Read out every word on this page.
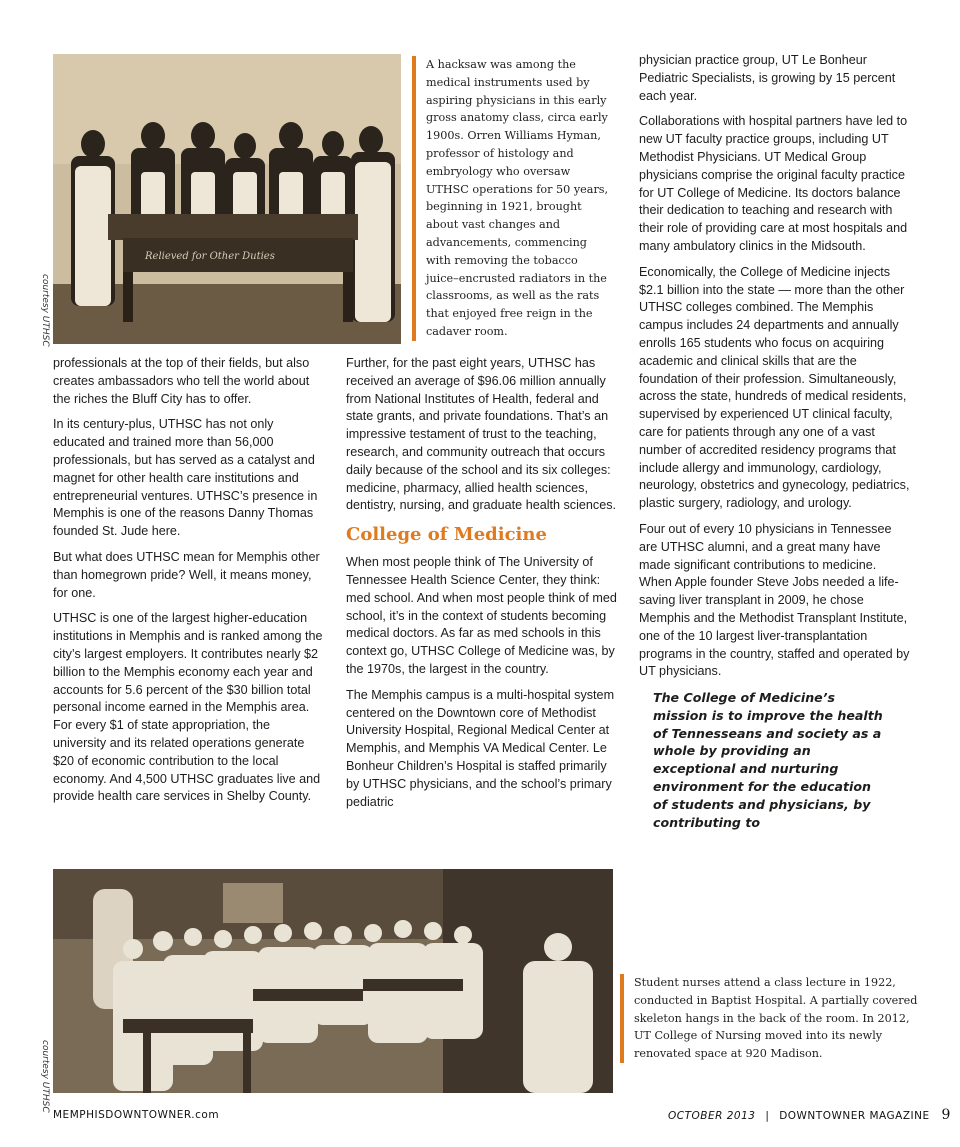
Relieved for Other Duties
courtesy UTHSC

A hacksaw was among the medical instruments used by aspiring physicians in this early gross anatomy class, circa early 1900s. Orren Williams Hyman, professor of histology and embryology who oversaw UTHSC operations for 50 years, beginning in 1921, brought about vast changes and advancements, commencing with removing the tobacco juice–encrusted radiators in the classrooms, as well as the rats that enjoyed free reign in the cadaver room.

professionals at the top of their fields, but also creates ambassadors who tell the world about the riches the Bluff City has to offer.

In its century-plus, UTHSC has not only educated and trained more than 56,000 professionals, but has served as a catalyst and magnet for other health care institutions and entrepreneurial ventures. UTHSC’s presence in Memphis is one of the reasons Danny Thomas founded St. Jude here.

But what does UTHSC mean for Memphis other than homegrown pride? Well, it means money, for one.

UTHSC is one of the largest higher-education institutions in Memphis and is ranked among the city’s largest employers. It contributes nearly $2 billion to the Memphis economy each year and accounts for 5.6 percent of the $30 billion total personal income earned in the Memphis area. For every $1 of state appropriation, the university and its related operations generate $20 of economic contribution to the local economy. And 4,500 UTHSC graduates live and provide health care services in Shelby County.

Further, for the past eight years, UTHSC has received an average of $96.06 million annually from National Institutes of Health, federal and state grants, and private foundations. That’s an impressive testament of trust to the teaching, research, and community outreach that occurs daily because of the school and its six colleges: medicine, pharmacy, allied health sciences, dentistry, nursing, and graduate health sciences.

College of Medicine

When most people think of The University of Tennessee Health Science Center, they think: med school. And when most people think of med school, it’s in the context of students becoming medical doctors. As far as med schools in this context go, UTHSC College of Medicine was, by the 1970s, the largest in the country.

The Memphis campus is a multi-hospital system centered on the Downtown core of Methodist University Hospital, Regional Medical Center at Memphis, and Memphis VA Medical Center. Le Bonheur Children’s Hospital is staffed primarily by UTHSC physicians, and the school’s primary pediatric

physician practice group, UT Le Bonheur Pediatric Specialists, is growing by 15 percent each year.

Collaborations with hospital partners have led to new UT faculty practice groups, including UT Methodist Physicians. UT Medical Group physicians comprise the original faculty practice for UT College of Medicine. Its doctors balance their dedication to teaching and research with their role of providing care at most hospitals and many ambulatory clinics in the Midsouth.

Economically, the College of Medicine injects $2.1 billion into the state — more than the other UTHSC colleges combined. The Memphis campus includes 24 departments and annually enrolls 165 students who focus on acquiring academic and clinical skills that are the foundation of their profession. Simultaneously, across the state, hundreds of medical residents, supervised by experienced UT clinical faculty, care for patients through any one of a vast number of accredited residency programs that include allergy and immunology, cardiology, neurology, obstetrics and gynecology, pediatrics, plastic surgery, radiology, and urology.

Four out of every 10 physicians in Tennessee are UTHSC alumni, and a great many have made significant contributions to medicine. When Apple founder Steve Jobs needed a life-saving liver transplant in 2009, he chose Memphis and the Methodist Transplant Institute, one of the 10 largest liver-transplantation programs in the country, staffed and operated by UT physicians.

The College of Medicine’s mission is to improve the health of Tennesseans and society as a whole by providing an exceptional and nurturing environment for the education of students and physicians, by contributing to
courtesy UTHSC

Student nurses attend a class lecture in 1922, conducted in Baptist Hospital. A partially covered skeleton hangs in the back of the room. In 2012, UT College of Nursing moved into its newly renovated space at 920 Madison.

MEMPHISDOWNTOWNER.com	OCTOBER 2013 | DOWNTOWNER MAGAZINE 9
